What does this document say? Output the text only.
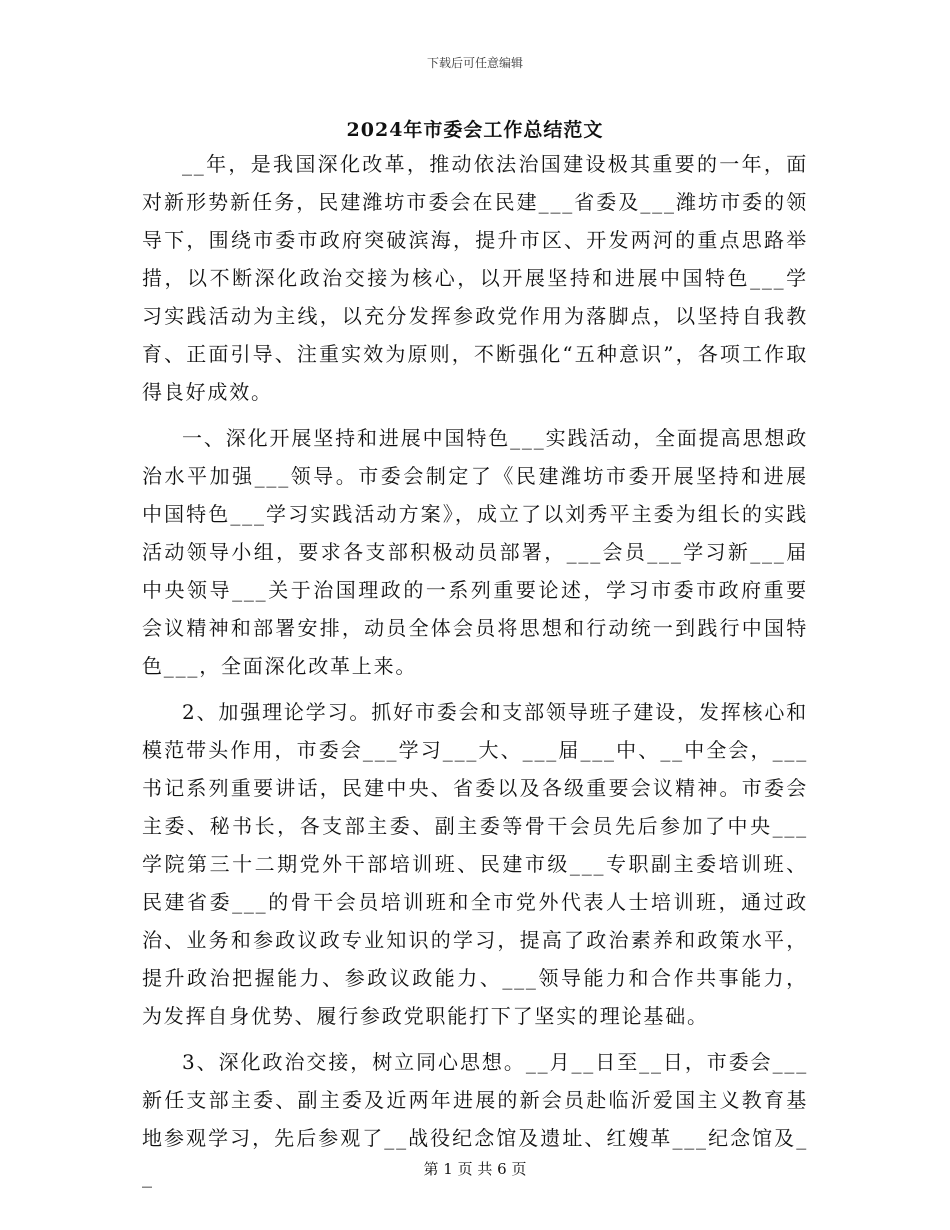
下载后可任意编辑
2024年市委会工作总结范文

__年，是我国深化改革，推动依法治国建设极其重要的一年，面对新形势新任务，民建潍坊市委会在民建___省委及___潍坊市委的领导下，围绕市委市政府突破滨海，提升市区、开发两河的重点思路举措，以不断深化政治交接为核心，以开展坚持和进展中国特色___学习实践活动为主线，以充分发挥参政党作用为落脚点，以坚持自我教育、正面引导、注重实效为原则，不断强化“五种意识”，各项工作取得良好成效。

一、深化开展坚持和进展中国特色___实践活动，全面提高思想政治水平加强___领导。市委会制定了《民建潍坊市委开展坚持和进展中国特色___学习实践活动方案》，成立了以刘秀平主委为组长的实践活动领导小组，要求各支部积极动员部署，___会员___学习新___届中央领导___关于治国理政的一系列重要论述，学习市委市政府重要会议精神和部署安排，动员全体会员将思想和行动统一到践行中国特色___，全面深化改革上来。

2、加强理论学习。抓好市委会和支部领导班子建设，发挥核心和模范带头作用，市委会___学习___大、___届___中、__中全会，___书记系列重要讲话，民建中央、省委以及各级重要会议精神。市委会主委、秘书长，各支部主委、副主委等骨干会员先后参加了中央___学院第三十二期党外干部培训班、民建市级___专职副主委培训班、民建省委___的骨干会员培训班和全市党外代表人士培训班，通过政治、业务和参政议政专业知识的学习，提高了政治素养和政策水平，提升政治把握能力、参政议政能力、___领导能力和合作共事能力，为发挥自身优势、履行参政党职能打下了坚实的理论基础。

3、深化政治交接，树立同心思想。__月__日至__日，市委会___新任支部主委、副主委及近两年进展的新会员赴临沂爱国主义教育基地参观学习，先后参观了__战役纪念馆及遗址、红嫂革___纪念馆及__	第 1 页 共 6 页
